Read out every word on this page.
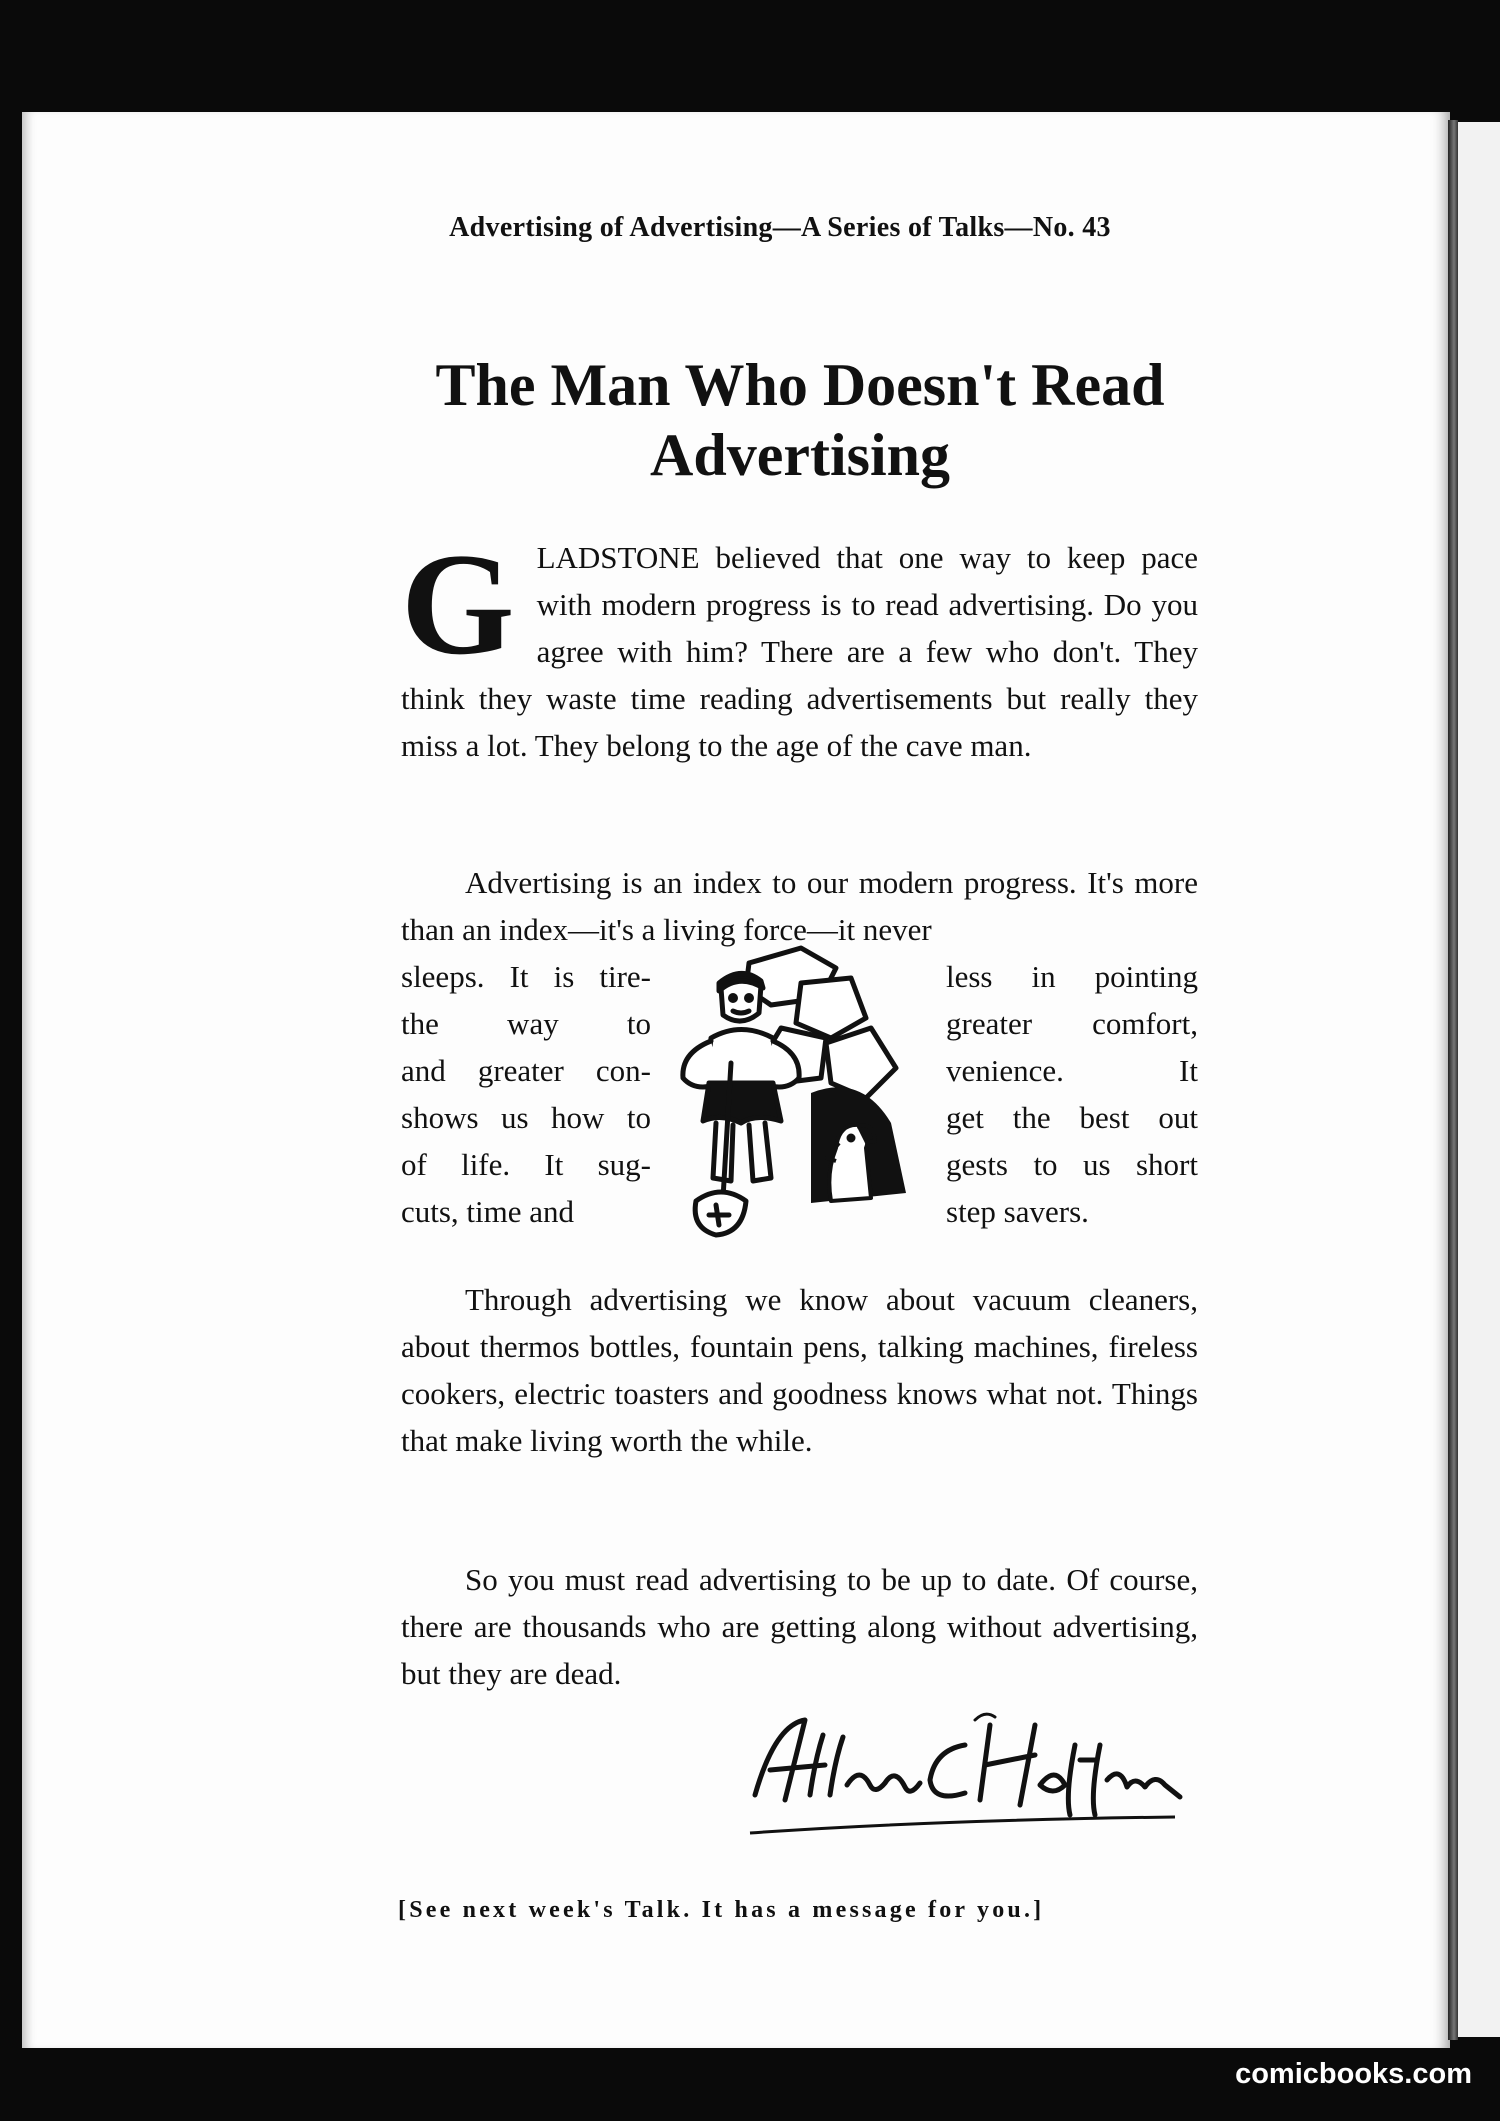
Advertising of Advertising—A Series of Talks—No. 43
The Man Who Doesn't Read
Advertising

GLADSTONE believed that one way to keep pace with modern progress is to read advertising. Do you agree with him? There are a few who don't. They think they waste time reading advertisements but really they miss a lot. They belong to the age of the cave man.

Advertising is an index to our modern progress. It's more than an index—it's a living force—it never

sleeps. It is tire-
the way to
and greater con-
shows us how to
of life. It sug-
cuts, time and
less in pointing
greater comfort,
venience. It
get the best out
gests to us short
step savers.

Through advertising we know about vacuum cleaners, about thermos bottles, fountain pens, talking machines, fireless cookers, electric toasters and goodness knows what not. Things that make living worth the while.

So you must read advertising to be up to date. Of course, there are thousands who are getting along without advertising, but they are dead.

[See next week's Talk. It has a message for you.]
comicbooks.com
